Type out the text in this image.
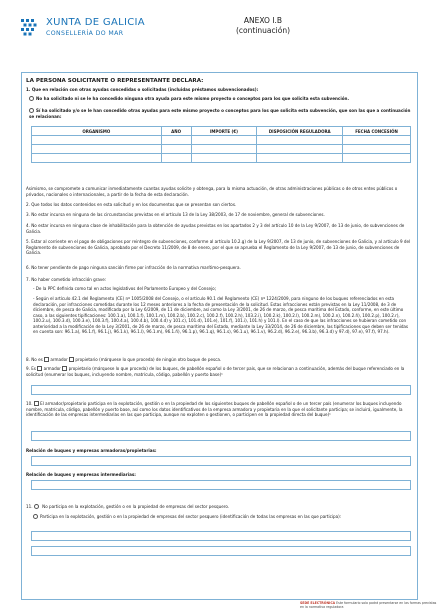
XUNTA DE GALICIA
CONSELLERÍA DO MAR
ANEXO I.B
(continuación)
LA PERSONA SOLICITANTE O REPRESENTANTE DECLARA:
1. Que en relación con otras ayudas concedidas o solicitadas (incluidas préstamos subvencionados):
No ha solicitado ni se le ha concedido ninguna otra ayuda para este mismo proyecto o conceptos para los que solicita esta subvención.
Sí ha solicitado y/o se le han concedido otras ayudas para este mismo proyecto o conceptos para los que solicita esta subvención, que son las que a continuación se relacionan:
ORGANISMO	AÑO	IMPORTE (€)	DISPOSICIÓN REGULADORA	FECHA CONCESIÓN

Asimismo, se compromete a comunicar inmediatamente cuantas ayudas solicite y obtenga, para la misma actuación, de otras administraciones públicas o de otros entes públicos o privados, nacionales o internacionales, a partir de la fecha de esta declaración.
2. Que todos los datos contenidos en esta solicitud y en los documentos que se presentan son ciertos.
3. No estar incursa en ninguna de las circunstancias previstas en el artículo 13 de la Ley 38/2003, de 17 de noviembre, general de subvenciones.
4. No estar incursa en ninguna clase de inhabilitación para la obtención de ayudas previstas en los apartados 2 y 3 del artículo 10 de la Ley 9/2007, de 13 de junio, de subvenciones de Galicia.
5. Estar al corriente en el pago de obligaciones por reintegro de subvenciones, conforme al artículo 10.2.g) de la Ley 9/2007, de 13 de junio, de subvenciones de Galicia, y al artículo 9 del Reglamento de subvenciones de Galicia, aprobado por el Decreto 11/2009, de 8 de enero, por el que se aprueba el Reglamento de la Ley 9/2007, de 13 de junio, de subvenciones de Galicia.
6. No tener pendiente de pago ninguna sanción firme por infracción de la normativa marítimo-pesquera.
7. No haber cometido infracción grave:
- De la PPC definida como tal en actos legislativos del Parlamento Europeo y del Consejo;
- Según el artículo 42.1 del Reglamento (CE) nº 1005/2008 del Consejo, o el artículo 90.1 del Reglamento (CE) nº 1224/2009, para ninguno de los buques referenciados en esta declaración, por infracciones cometidas durante los 12 meses anteriores a la fecha de presentación de la solicitud. Estas infracciones están previstas en la Ley 11/2008, de 3 de diciembre, de pesca de Galicia, modificada por la Ley 6/2009, de 11 de diciembre, así como la Ley 3/2001, de 26 de marzo, de pesca marítima del Estado, conforme, en este último caso, a las siguientes tipificaciones: 100.1.a), 100.1.f), 100.1.m), 100.2.b), 100.2.c), 100.2.f), 100.2.h), 103.2.i), 100.2.k), 100.2.l), 100.2.m), 100.2.n), 100.2.ñ), 100.2.p), 100.2.r), 100.2.u), 100.3.d), 100.3.e), 100.3.f), 100.4.a), 100.4.b), 100.4.d) y 101.c), 101.d), 101.e), 101.f), 101.i), 101.h) y 101.l). En el caso de que las infracciones se hubieran cometido con anterioridad a la modificación de la Ley 3/2001, de 26 de marzo, de pesca marítima del Estado, mediante la Ley 33/2014, de 26 de diciembre, las tipificaciones que deben ser tenidas en cuenta son: 96.1.a), 96.1.f), 96.1.j), 96.1.k), 96.1.l), 96.1.m), 96.1.ñ), 96.1.p), 96.1.q), 96.1.s), 96.1.u), 96.1.v), 96.2.d), 96.2.e), 96.3.b), 96.3.d) y 97.d), 97.e), 97.f), 97.h).
8. No es armador propietario (márquese lo que proceda) de ningún otro buque de pesca.
9. Es armador propietario (márquese lo que proceda) de los buques, de pabellón español o de tercer país, que se relacionan a continuación, además del buque referenciado en la solicitud (enumerar los buques, incluyendo nombre, matrícula, código, pabellón y puerto base)¹
10. El armador/propietario participa en la explotación, gestión o en la propiedad de los siguientes buques de pabellón español o de un tercer país (enumerar los buques incluyendo nombre, matrícula, código, pabellón y puerto base, así como los datos identificativos de la empresa armadora y propietaria en la que el solicitante participa; se incluirá, igualmente, la identificación de las empresas intermediarias en las que participa, aunque no exploten o gestionen, o participen en la propiedad directa del buque)¹
Relación de buques y empresas armadoras/propietarias:
Relación de buques y empresas intermediarias:
11. No participa en la explotación, gestión o en la propiedad de empresas del sector pesquero.
Participa en la explotación, gestión o en la propiedad de empresas del sector pesquero (identificación de todas las empresas en las que participa):
SEDE ELECTRÓNICA Este formulario solo podrá presentarse en las formas previstas en la normativa reguladora
